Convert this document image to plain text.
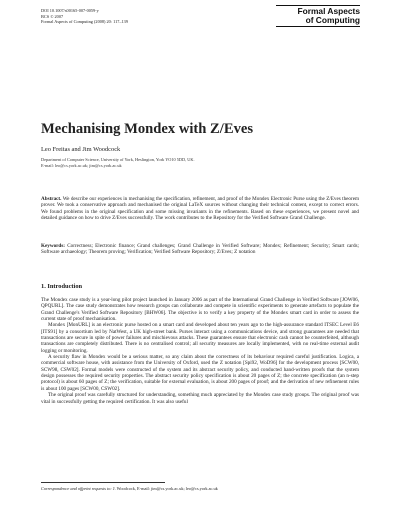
DOI 10.1007/s00165-007-0059-y
BCS © 2007
Formal Aspects of Computing (2008) 20: 117–139
Formal Aspects
of Computing
Mechanising Mondex with Z/Eves
Leo Freitas and Jim Woodcock
Department of Computer Science, University of York, Heslington, York YO10 5DD, UK.
E-mail: leo@cs.york.ac.uk; jim@cs.york.ac.uk
Abstract. We describe our experiences in mechanising the specification, refinement, and proof of the Mondex Electronic Purse using the Z/Eves theorem prover. We took a conservative approach and mechanised the original LaTeX sources without changing their technical content, except to correct errors. We found problems in the original specification and some missing invariants in the refinements. Based on these experiences, we present novel and detailed guidance on how to drive Z/Eves successfully. The work contributes to the Repository for the Verified Software Grand Challenge.
Keywords: Correctness; Electronic finance; Grand challenges; Grand Challenge in Verified Software; Mondex; Refinement; Security; Smart cards; Software archaeology; Theorem proving; Verification; Verified Software Repository; Z/Eves; Z notation
1. Introduction

The Mondex case study is a year-long pilot project launched in January 2006 as part of the International Grand Challenge in Verified Software [JOW06, QPQURL]. The case study demonstrates how research groups can collaborate and compete in scientific experiments to generate artefacts to populate the Grand Challenge's Verified Software Repository [BHW06]. The objective is to verify a key property of the Mondex smart card in order to assess the current state of proof mechanisation.

Mondex [MonURL] is an electronic purse hosted on a smart card and developed about ten years ago to the high-assurance standard ITSEC Level E6 [ITS91] by a consortium led by NatWest, a UK high-street bank. Purses interact using a communications device, and strong guarantees are needed that transactions are secure in spite of power failures and mischievous attacks. These guarantees ensure that electronic cash cannot be counterfeited, although transactions are completely distributed. There is no centralised control; all security measures are locally implemented, with no real-time external audit logging or monitoring.

A security flaw in Mondex would be a serious matter, so any claim about the correctness of its behaviour required careful justification. Logica, a commercial software house, with assistance from the University of Oxford, used the Z notation [Spi92, WoD96] for the development process [SCW00, SCW98, CSW02]. Formal models were constructed of the system and its abstract security policy, and conducted hand-written proofs that the system design possesses the required security properties. The abstract security policy specification is about 20 pages of Z; the concrete specification (an n-step protocol) is about 60 pages of Z; the verification, suitable for external evaluation, is about 200 pages of proof; and the derivation of new refinement rules is about 100 pages [SCW00, CSW02].

The original proof was carefully structured for understanding, something much appreciated by the Mondex case study groups. The original proof was vital in successfully getting the required certification. It was also useful

Correspondence and offprint requests to: J. Woodcock, E-mail: jim@cs.york.ac.uk; leo@cs.york.ac.uk
